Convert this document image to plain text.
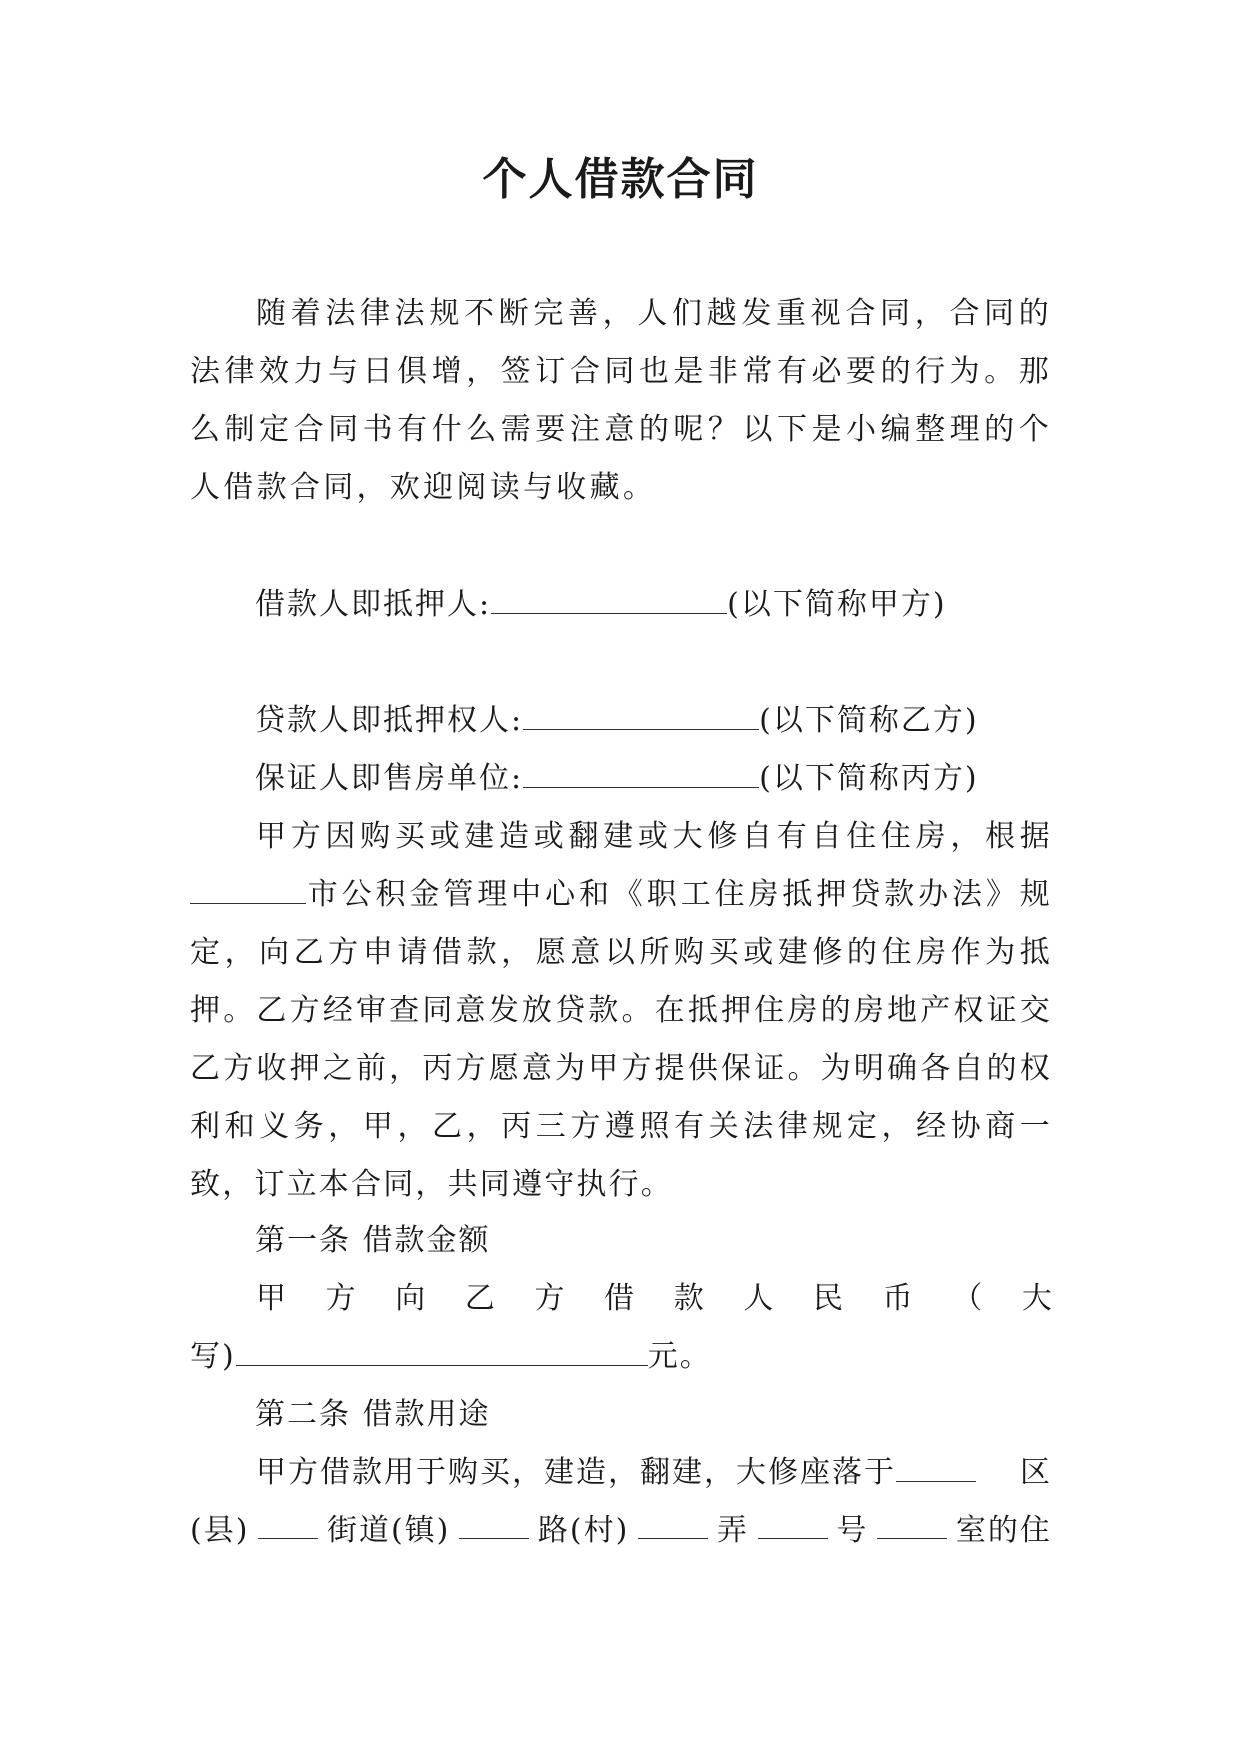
个人借款合同

随着法律法规不断完善，人们越发重视合同，合同的法律效力与日俱增，签订合同也是非常有必要的行为。那么制定合同书有什么需要注意的呢？以下是小编整理的个人借款合同，欢迎阅读与收藏。

借款人即抵押人:	(以下简称甲方)
贷款人即抵押权人:	(以下简称乙方)
保证人即售房单位:	(以下简称丙方)

甲方因购买或建造或翻建或大修自有自住住房，根据市公积金管理中心和《职工住房抵押贷款办法》规定，向乙方申请借款，愿意以所购买或建修的住房作为抵押。乙方经审查同意发放贷款。在抵押住房的房地产权证交乙方收押之前，丙方愿意为甲方提供保证。为明确各自的权利和义务，甲，乙，丙三方遵照有关法律规定，经协商一致，订立本合同，共同遵守执行。

第一条 借款金额
甲 方 向 乙 方 借 款 人 民 币 （ 大
写)	元。
第二条 借款用途
甲方借款用于购买，建造，翻建，大修座落于	区
(县)	街道(镇)	路(村)	弄	号	室的住
